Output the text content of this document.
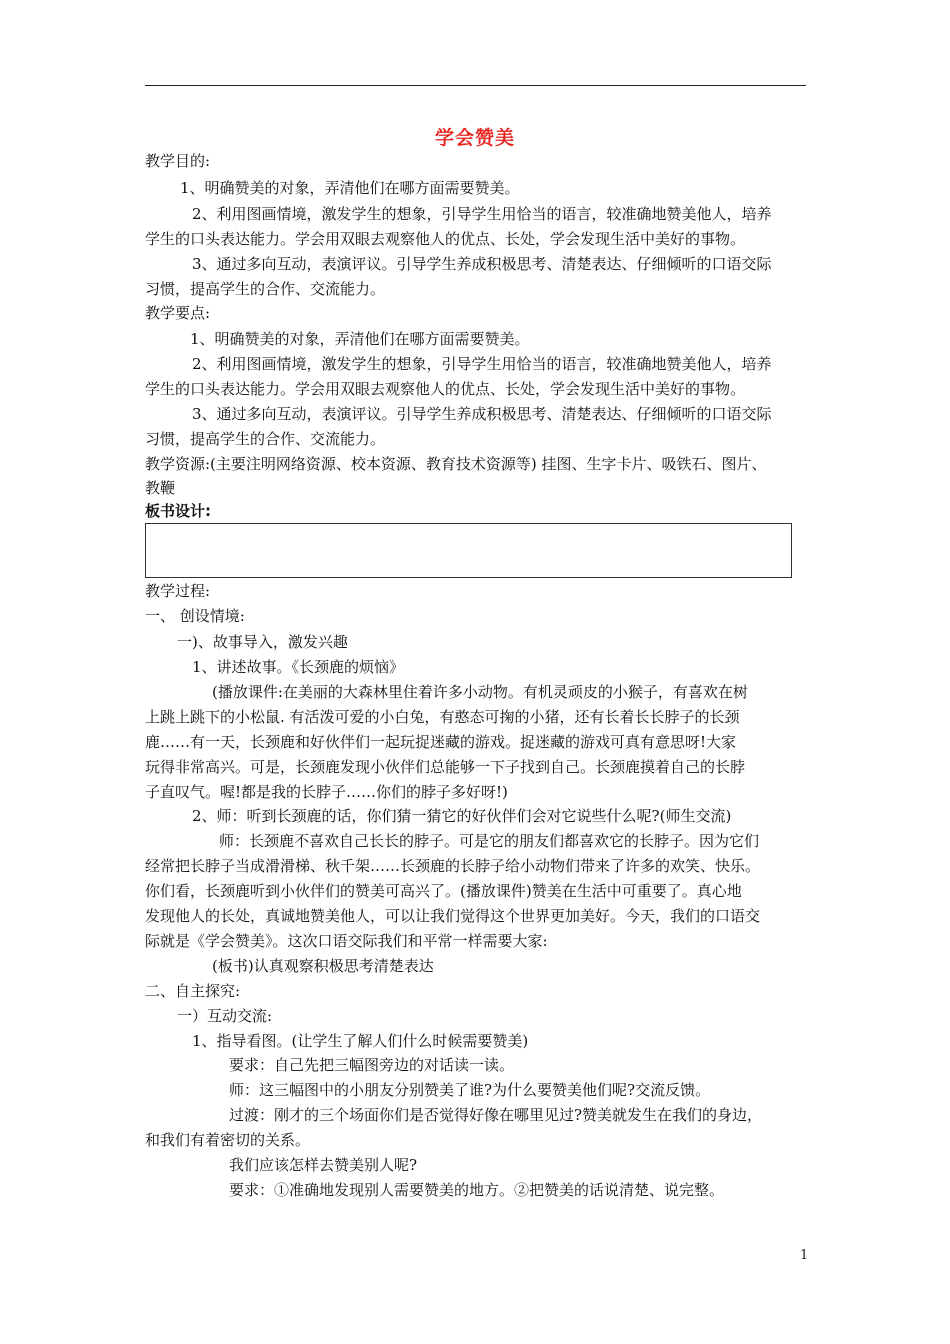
学会赞美
教学目的:
1、明确赞美的对象，弄清他们在哪方面需要赞美。
2、利用图画情境，激发学生的想象，引导学生用恰当的语言，较准确地赞美他人，培养
学生的口头表达能力。学会用双眼去观察他人的优点、长处，学会发现生活中美好的事物。
3、通过多向互动，表演评议。引导学生养成积极思考、清楚表达、仔细倾听的口语交际
习惯，提高学生的合作、交流能力。
教学要点:
1、明确赞美的对象，弄清他们在哪方面需要赞美。
2、利用图画情境，激发学生的想象，引导学生用恰当的语言，较准确地赞美他人，培养
学生的口头表达能力。学会用双眼去观察他人的优点、长处，学会发现生活中美好的事物。
3、通过多向互动，表演评议。引导学生养成积极思考、清楚表达、仔细倾听的口语交际
习惯，提高学生的合作、交流能力。
教学资源:(主要注明网络资源、校本资源、教育技术资源等) 挂图、生字卡片、吸铁石、图片、
教鞭
板书设计:
教学过程:
一、 创设情境:
一)、故事导入，激发兴趣
1、讲述故事。《长颈鹿的烦恼》
(播放课件:在美丽的大森林里住着许多小动物。有机灵顽皮的小猴子，有喜欢在树
上跳上跳下的小松鼠. 有活泼可爱的小白兔，有憨态可掬的小猪，还有长着长长脖子的长颈
鹿……有一天，长颈鹿和好伙伴们一起玩捉迷藏的游戏。捉迷藏的游戏可真有意思呀!大家
玩得非常高兴。可是，长颈鹿发现小伙伴们总能够一下子找到自己。长颈鹿摸着自己的长脖
子直叹气。喔!都是我的长脖子……你们的脖子多好呀!)
2、师：听到长颈鹿的话，你们猜一猜它的好伙伴们会对它说些什么呢?(师生交流)
师：长颈鹿不喜欢自己长长的脖子。可是它的朋友们都喜欢它的长脖子。因为它们
经常把长脖子当成滑滑梯、秋千架……长颈鹿的长脖子给小动物们带来了许多的欢笑、快乐。
你们看，长颈鹿听到小伙伴们的赞美可高兴了。(播放课件)赞美在生活中可重要了。真心地
发现他人的长处，真诚地赞美他人，可以让我们觉得这个世界更加美好。今天，我们的口语交
际就是《学会赞美》。这次口语交际我们和平常一样需要大家:
(板书)认真观察积极思考清楚表达
二、自主探究:
一）互动交流:
1、指导看图。(让学生了解人们什么时候需要赞美)
要求：自己先把三幅图旁边的对话读一读。
师：这三幅图中的小朋友分别赞美了谁?为什么要赞美他们呢?交流反馈。
过渡：刚才的三个场面你们是否觉得好像在哪里见过?赞美就发生在我们的身边，
和我们有着密切的关系。
我们应该怎样去赞美别人呢?
要求：①准确地发现别人需要赞美的地方。②把赞美的话说清楚、说完整。
1
